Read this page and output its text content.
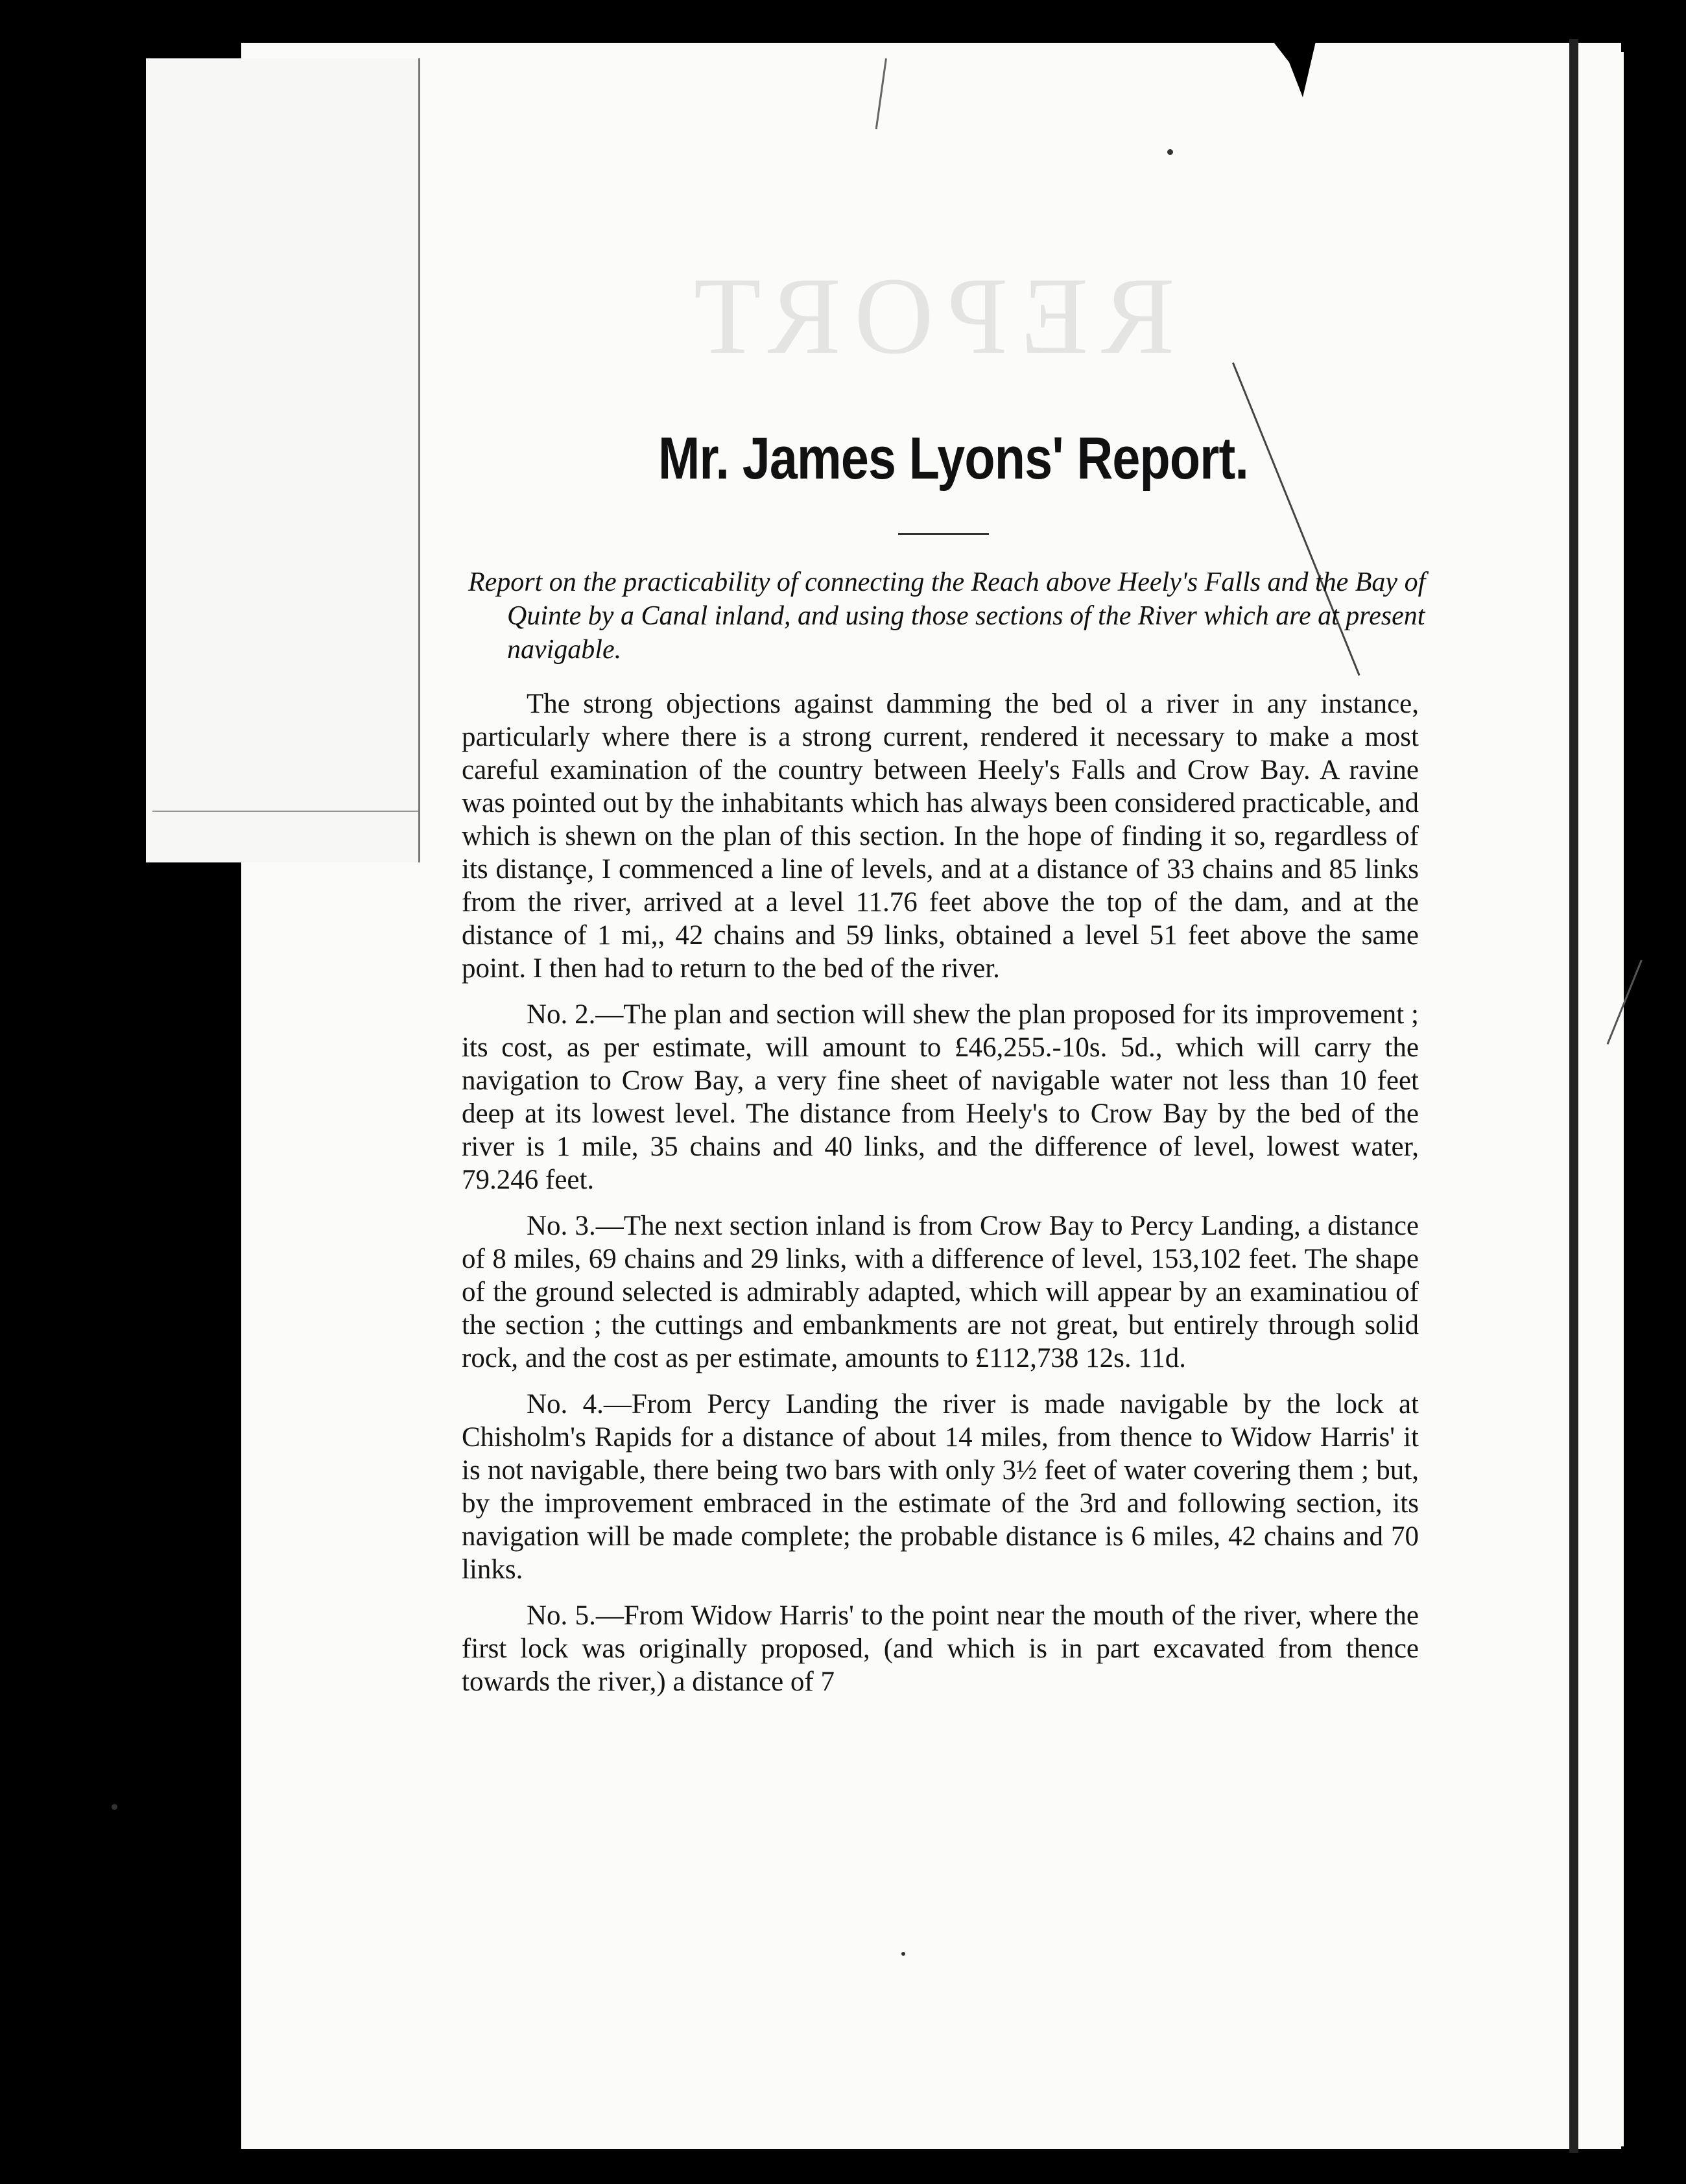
REPORT
Mr. James Lyons' Report.

Report on the practicability of connecting the Reach above Heely's Falls and the Bay of Quinte by a Canal inland, and using those sections of the River which are at present navigable.

The strong objections against damming the bed ol a river in any instance, particularly where there is a strong current, rendered it necessary to make a most careful examination of the country between Heely's Falls and Crow Bay. A ravine was pointed out by the inhabitants which has always been considered practicable, and which is shewn on the plan of this section. In the hope of finding it so, regardless of its distançe, I commenced a line of levels, and at a distance of 33 chains and 85 links from the river, arrived at a level 11.76 feet above the top of the dam, and at the distance of 1 mi,, 42 chains and 59 links, obtained a level 51 feet above the same point. I then had to return to the bed of the river.

No. 2.—The plan and section will shew the plan proposed for its improvement ; its cost, as per estimate, will amount to £46,255.-10s. 5d., which will carry the navigation to Crow Bay, a very fine sheet of navigable water not less than 10 feet deep at its lowest level. The distance from Heely's to Crow Bay by the bed of the river is 1 mile, 35 chains and 40 links, and the difference of level, lowest water, 79.246 feet.

No. 3.—The next section inland is from Crow Bay to Percy Landing, a distance of 8 miles, 69 chains and 29 links, with a difference of level, 153,102 feet. The shape of the ground selected is admirably adapted, which will appear by an examinatiou of the section ; the cuttings and embankments are not great, but entirely through solid rock, and the cost as per estimate, amounts to £112,738 12s. 11d.

No. 4.—From Percy Landing the river is made navigable by the lock at Chisholm's Rapids for a distance of about 14 miles, from thence to Widow Harris' it is not navigable, there being two bars with only 3½ feet of water covering them ; but, by the improvement embraced in the estimate of the 3rd and following section, its navigation will be made complete; the probable distance is 6 miles, 42 chains and 70 links.

No. 5.—From Widow Harris' to the point near the mouth of the river, where the first lock was originally proposed, (and which is in part excavated from thence towards the river,) a distance of 7
